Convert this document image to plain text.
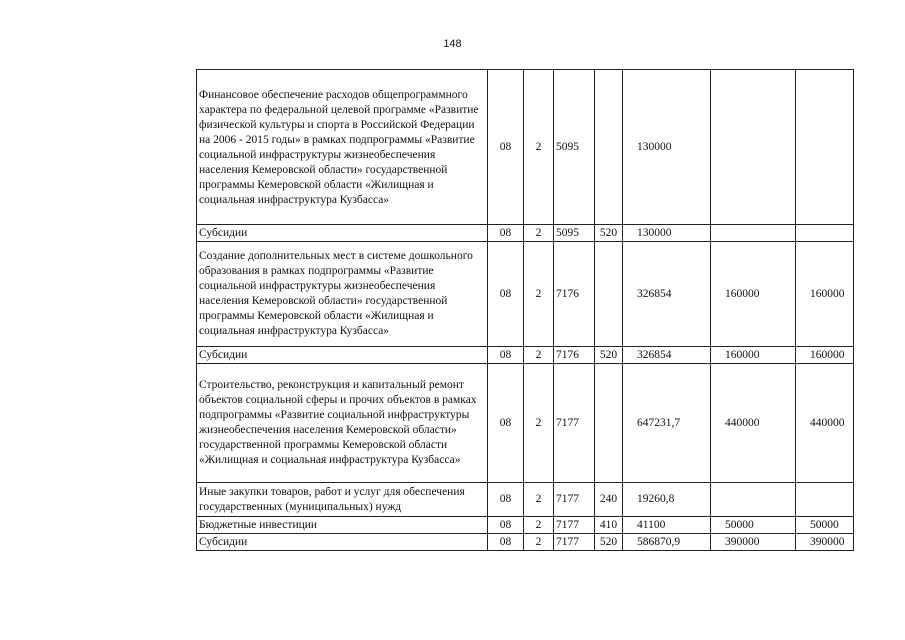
148
Финансовое обеспечение расходов общепрограммного характера по федеральной целевой программе «Развитие физической культуры и спорта в Российской Федерации на 2006 - 2015 годы» в рамках подпрограммы «Развитие социальной инфраструктуры жизнеобеспечения населения Кемеровской области» государственной программы Кемеровской области «Жилищная и социальная инфраструктура Кузбасса»	08	2	5095		130000		

Субсидии	08	2	5095	520	130000		

Создание дополнительных мест в системе дошкольного образования в рамках подпрограммы «Развитие социальной инфраструктуры жизнеобеспечения населения Кемеровской области» государственной программы Кемеровской области «Жилищная и социальная инфраструктура Кузбасса»	08	2	7176		326854	160000	160000

Субсидии	08	2	7176	520	326854	160000	160000

Строительство, реконструкция и капитальный ремонт объектов социальной сферы и прочих объектов в рамках подпрограммы «Развитие социальной инфраструктуры жизнеобеспечения населения Кемеровской области» государственной программы Кемеровской области «Жилищная и социальная инфраструктура Кузбасса»	08	2	7177		647231,7	440000	440000

Иные закупки товаров, работ и услуг для обеспечения государственных (муниципальных) нужд	08	2	7177	240	19260,8		

Бюджетные инвестиции	08	2	7177	410	41100	50000	50000

Субсидии	08	2	7177	520	586870,9	390000	390000
